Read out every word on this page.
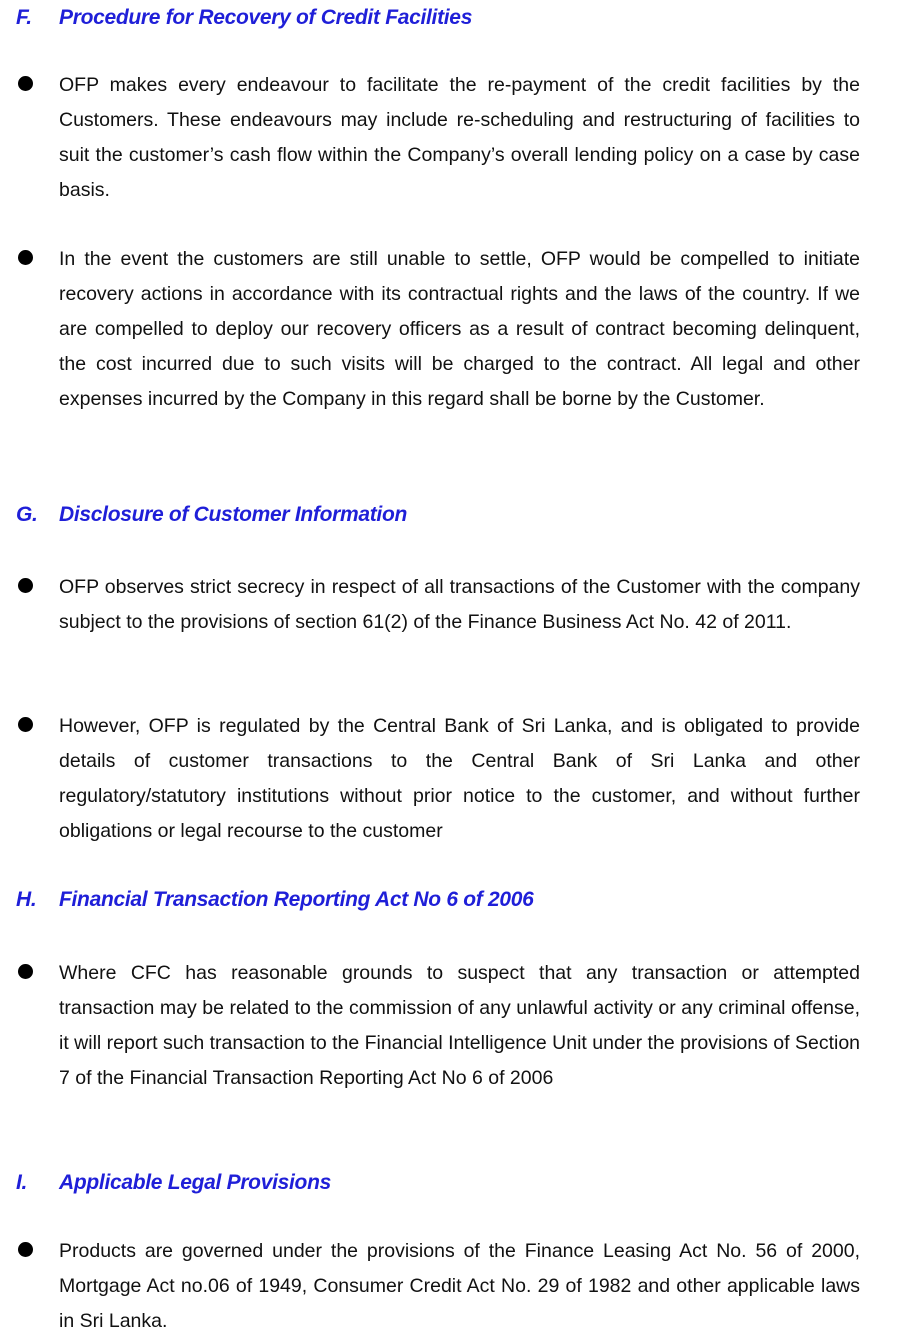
F. Procedure for Recovery of Credit Facilities
OFP makes every endeavour to facilitate the re-payment of the credit facilities by the Customers. These endeavours may include re-scheduling and restructuring of facilities to suit the customer’s cash flow within the Company’s overall lending policy on a case by case basis.
In the event the customers are still unable to settle, OFP would be compelled to initiate recovery actions in accordance with its contractual rights and the laws of the country. If we are compelled to deploy our recovery officers as a result of contract becoming delinquent, the cost incurred due to such visits will be charged to the contract. All legal and other expenses incurred by the Company in this regard shall be borne by the Customer.
G. Disclosure of Customer Information
OFP observes strict secrecy in respect of all transactions of the Customer with the company subject to the provisions of section 61(2) of the Finance Business Act No. 42 of 2011.
However, OFP is regulated by the Central Bank of Sri Lanka, and is obligated to provide details of customer transactions to the Central Bank of Sri Lanka and other regulatory/statutory institutions without prior notice to the customer, and without further obligations or legal recourse to the customer
H. Financial Transaction Reporting Act No 6 of 2006
Where CFC has reasonable grounds to suspect that any transaction or attempted transaction may be related to the commission of any unlawful activity or any criminal offense, it will report such transaction to the Financial Intelligence Unit under the provisions of Section 7 of the Financial Transaction Reporting Act No 6 of 2006
I. Applicable Legal Provisions
Products are governed under the provisions of the Finance Leasing Act No. 56 of 2000, Mortgage Act no.06 of 1949, Consumer Credit Act No. 29 of 1982 and other applicable laws in Sri Lanka.
